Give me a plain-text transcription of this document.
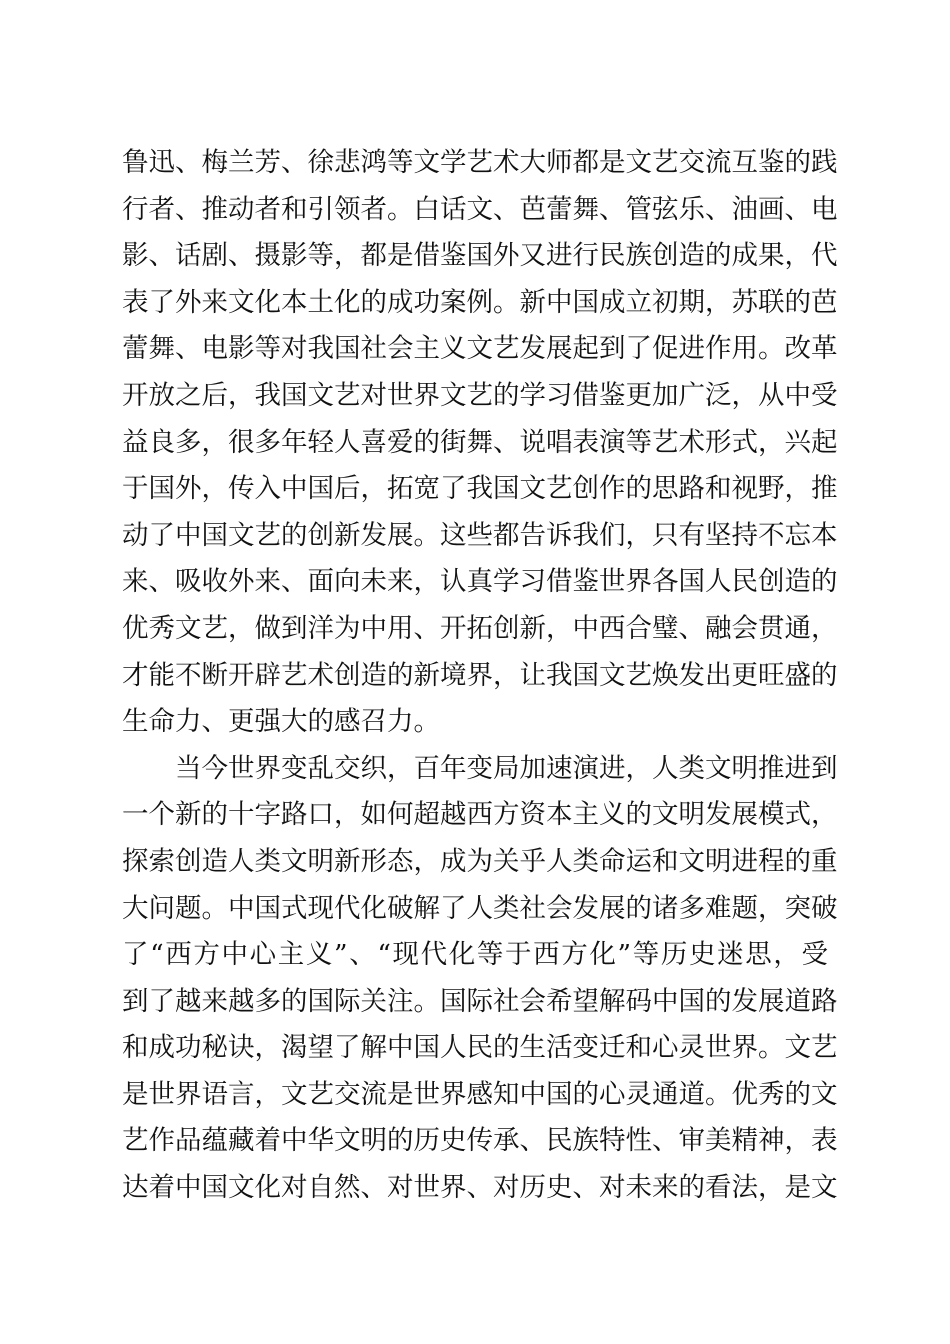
鲁迅、梅兰芳、徐悲鸿等文学艺术大师都是文艺交流互鉴的践
行者、推动者和引领者。白话文、芭蕾舞、管弦乐、油画、电
影、话剧、摄影等，都是借鉴国外又进行民族创造的成果，代
表了外来文化本土化的成功案例。新中国成立初期，苏联的芭
蕾舞、电影等对我国社会主义文艺发展起到了促进作用。改革
开放之后，我国文艺对世界文艺的学习借鉴更加广泛，从中受
益良多，很多年轻人喜爱的街舞、说唱表演等艺术形式，兴起
于国外，传入中国后，拓宽了我国文艺创作的思路和视野，推
动了中国文艺的创新发展。这些都告诉我们，只有坚持不忘本
来、吸收外来、面向未来，认真学习借鉴世界各国人民创造的
优秀文艺，做到洋为中用、开拓创新，中西合璧、融会贯通，
才能不断开辟艺术创造的新境界，让我国文艺焕发出更旺盛的
生命力、更强大的感召力。
当今世界变乱交织，百年变局加速演进，人类文明推进到
一个新的十字路口，如何超越西方资本主义的文明发展模式，
探索创造人类文明新形态，成为关乎人类命运和文明进程的重
大问题。中国式现代化破解了人类社会发展的诸多难题，突破
了“西方中心主义”、“现代化等于西方化”等历史迷思，受
到了越来越多的国际关注。国际社会希望解码中国的发展道路
和成功秘诀，渴望了解中国人民的生活变迁和心灵世界。文艺
是世界语言，文艺交流是世界感知中国的心灵通道。优秀的文
艺作品蕴藏着中华文明的历史传承、民族特性、审美精神，表
达着中国文化对自然、对世界、对历史、对未来的看法，是文
